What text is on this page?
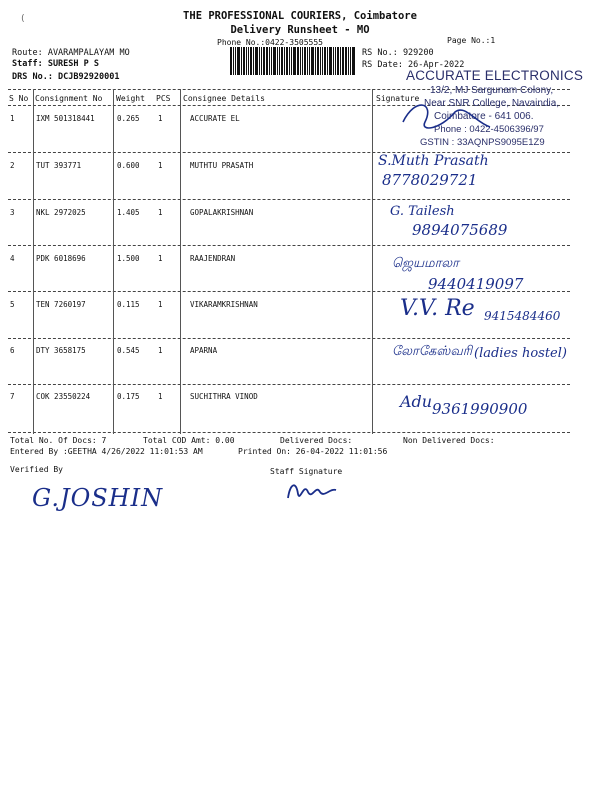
(	THE PROFESSIONAL COURIERS, Coimbatore
Delivery Runsheet - MO
Phone No.:0422-3505555	Page No.:1
Route: AVARAMPALAYAM MO
Staff: SURESH P S
DRS No.: DCJB92920001
RS No.: 929200
RS Date: 26-Apr-2022
S No Consignment No Weight PCS Consignee Details	Signature
1	IXM 501318441	0.265 1	ACCURATE EL
2	TUT 393771	0.600 1	MUTHTU PRASATH
3	NKL 2972025	1.405 1	GOPALAKRISHNAN
4	PDK 6018696	1.500 1	RAAJENDRAN
5	TEN 7260197	0.115 1	VIKARAMKRISHNAN
6	DTY 3658175	0.545 1	APARNA
7	COK 23550224	0.175 1	SUCHITHRA VINOD
ACCURATE ELECTRONICS
13/2, MJ Sargunam Colony,
Near SNR College, Navaindia,
Coimbatore - 641 006.
Phone : 0422-4506396/97
GSTIN : 33AQNPS9095E1Z9
S.Muth Prasath
8778029721
G. Tailesh
9894075689
ஜெயமாலா
9440419097
V.V. Re 9415484460
லோகேஸ்வரி (ladies hostel)
Adu 9361990900
Total No. Of Docs: 7	Total COD Amt: 0.00	Delivered Docs:	Non Delivered Docs:
Entered By :GEETHA 4/26/2022 11:01:53 AM	Printed On: 26-04-2022 11:01:56
Verified By	Staff Signature
G.JOSHIN
